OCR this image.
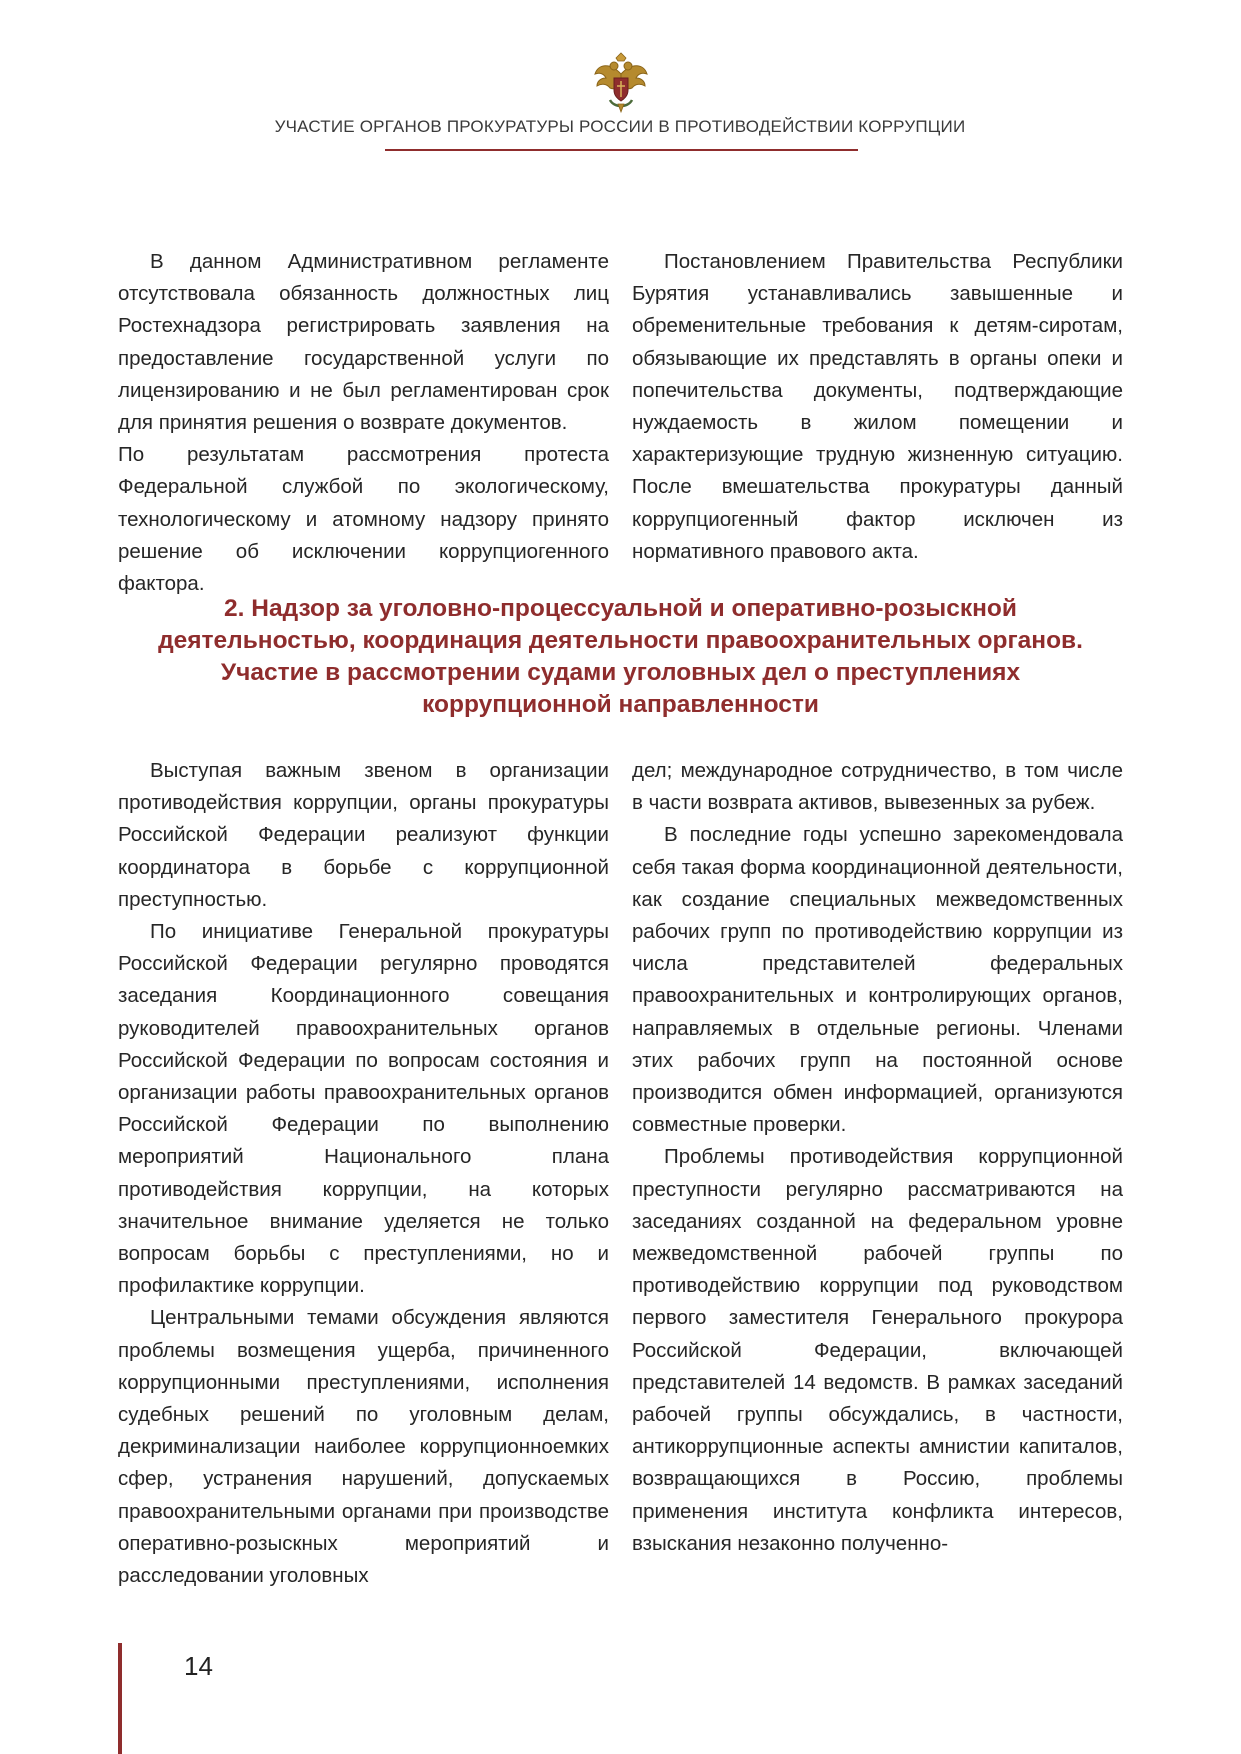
УЧАСТИЕ ОРГАНОВ ПРОКУРАТУРЫ РОССИИ В ПРОТИВОДЕЙСТВИИ КОРРУПЦИИ

В данном Административном регламенте отсутствовала обязанность должностных лиц Ростехнадзора регистрировать заявления на предоставление государственной услуги по лицензированию и не был регламентирован срок для принятия решения о возврате документов.

По результатам рассмотрения протеста Федеральной службой по экологическому, технологическому и атомному надзору принято решение об исключении коррупциогенного фактора.

Постановлением Правительства Республики Бурятия устанавливались завышенные и обременительные требования к детям-сиротам, обязывающие их представлять в органы опеки и попечительства документы, подтверждающие нуждаемость в жилом помещении и характеризующие трудную жизненную ситуацию. После вмешательства прокуратуры данный коррупциогенный фактор исключен из нормативного правового акта.

2. Надзор за уголовно-процессуальной и оперативно-розыскной
деятельностью, координация деятельности правоохранительных органов.
Участие в рассмотрении судами уголовных дел о преступлениях
коррупционной направленности

Выступая важным звеном в организации противодействия коррупции, органы прокуратуры Российской Федерации реализуют функции координатора в борьбе с коррупционной преступностью.

По инициативе Генеральной прокуратуры Российской Федерации регулярно проводятся заседания Координационного совещания руководителей правоохранительных органов Российской Федерации по вопросам состояния и организации работы правоохранительных органов Российской Федерации по выполнению мероприятий Национального плана противодействия коррупции, на которых значительное внимание уделяется не только вопросам борьбы с преступлениями, но и профилактике коррупции.

Центральными темами обсуждения являются проблемы возмещения ущерба, причиненного коррупционными преступлениями, исполнения судебных решений по уголовным делам, декриминализации наиболее коррупционноемких сфер, устранения нарушений, допускаемых правоохранительными органами при производстве оперативно-розыскных мероприятий и расследовании уголовных

дел; международное сотрудничество, в том числе в части возврата активов, вывезенных за рубеж.

В последние годы успешно зарекомендовала себя такая форма координационной деятельности, как создание специальных межведомственных рабочих групп по противодействию коррупции из числа представителей федеральных правоохранительных и контролирующих органов, направляемых в отдельные регионы. Членами этих рабочих групп на постоянной основе производится обмен информацией, организуются совместные проверки.

Проблемы противодействия коррупционной преступности регулярно рассматриваются на заседаниях созданной на федеральном уровне межведомственной рабочей группы по противодействию коррупции под руководством первого заместителя Генерального прокурора Российской Федерации, включающей представителей 14 ведомств. В рамках заседаний рабочей группы обсуждались, в частности, антикоррупционные аспекты амнистии капиталов, возвращающихся в Россию, проблемы применения института конфликта интересов, взыскания незаконно полученно-

14
